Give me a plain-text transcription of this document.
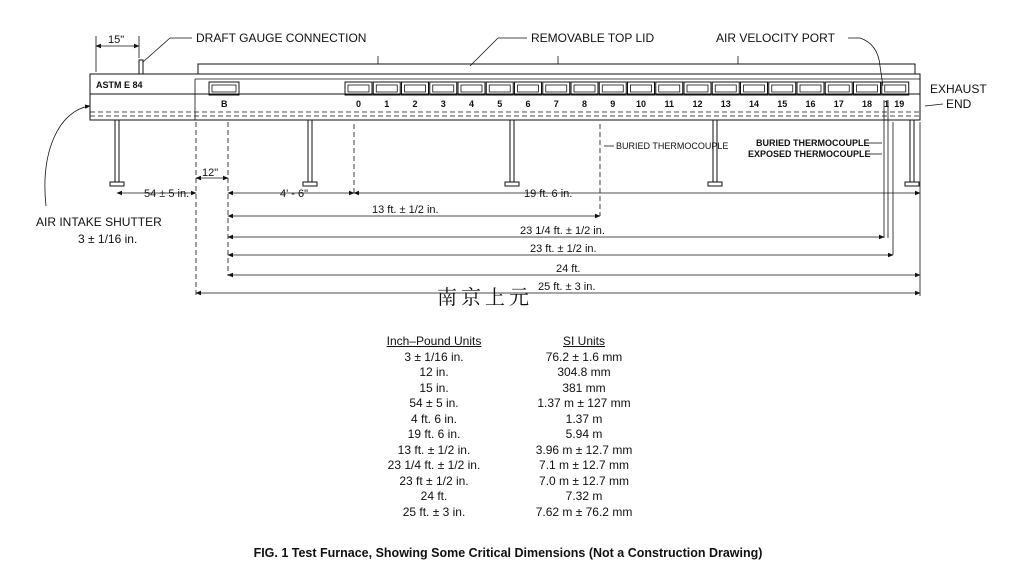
ASTM E 84
B	0	1	2	3	4	5	6	7	8	9 10 11 12 13 14 15 16 17 18 19
1
DRAFT GAUGE CONNECTION	REMOVABLE TOP LID	AIR VELOCITY PORT
EXHAUST
END
15"
BURIED THERMOCOUPLE	BURIED THERMOCOUPLE
EXPOSED THERMOCOUPLE
AIR INTAKE SHUTTER
3 ± 1/16 in.
12"
54 ± 5 in.	4' - 6"	19 ft. 6 in.
13 ft. ± 1/2 in.
23 1/4 ft. ± 1/2 in.
23 ft. ± 1/2 in.
24 ft.
25 ft. ± 3 in.
南京上元
Inch–Pound Units	SI Units
3 ± 1/16 in.	76.2 ± 1.6 mm
12 in.	304.8 mm
15 in.	381 mm
54 ± 5 in.	1.37 m ± 127 mm
4 ft. 6 in.	1.37 m
19 ft. 6 in.	5.94 m
13 ft. ± 1/2 in.	3.96 m ± 12.7 mm
23 1/4 ft. ± 1/2 in.	7.1 m ± 12.7 mm
23 ft ± 1/2 in.	7.0 m ± 12.7 mm
24 ft.	7.32 m
25 ft. ± 3 in.	7.62 m ± 76.2 mm
FIG. 1 Test Furnace, Showing Some Critical Dimensions (Not a Construction Drawing)
